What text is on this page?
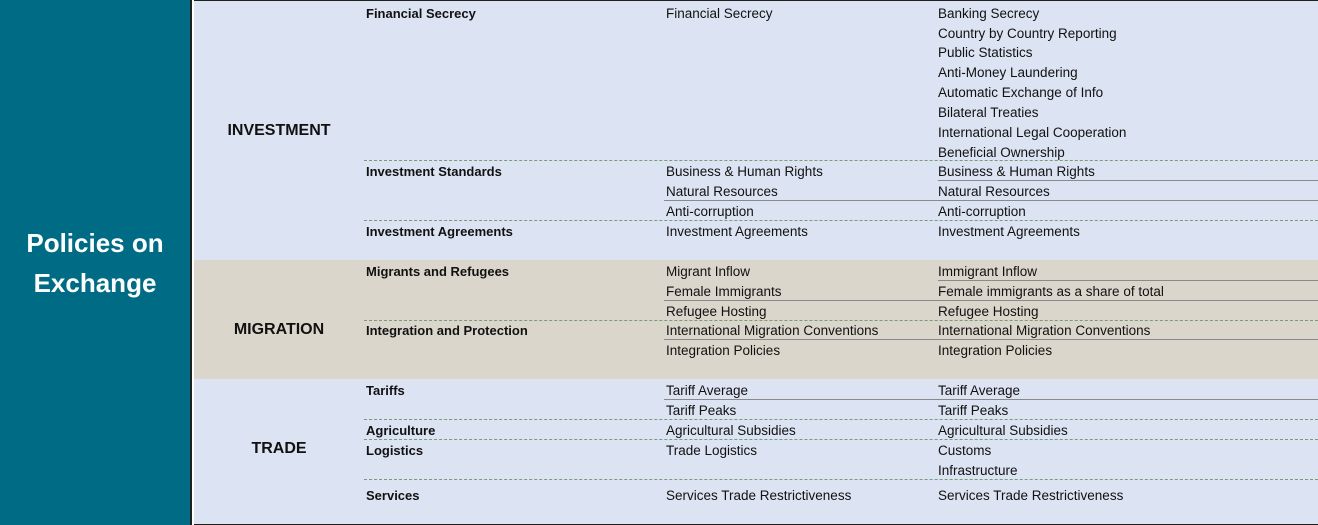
Policies on Exchange
INVESTMENT
MIGRATION
TRADE
Financial Secrecy
Investment Standards
Investment Agreements
Migrants and Refugees
Integration and Protection
Tariffs
Agriculture
Logistics
Services
Financial Secrecy
Business & Human Rights
Natural Resources
Anti-corruption
Investment Agreements
Migrant Inflow
Female Immigrants
Refugee Hosting
International Migration Conventions
Integration Policies
Tariff Average
Tariff Peaks
Agricultural Subsidies
Trade Logistics
Services Trade Restrictiveness
Banking Secrecy
Country by Country Reporting
Public Statistics
Anti-Money Laundering
Automatic Exchange of Info
Bilateral Treaties
International Legal Cooperation
Beneficial Ownership
Business & Human Rights
Natural Resources
Anti-corruption
Investment Agreements
Immigrant Inflow
Female immigrants as a share of total
Refugee Hosting
International Migration Conventions
Integration Policies
Tariff Average
Tariff Peaks
Agricultural Subsidies
Customs
Infrastructure
Services Trade Restrictiveness
